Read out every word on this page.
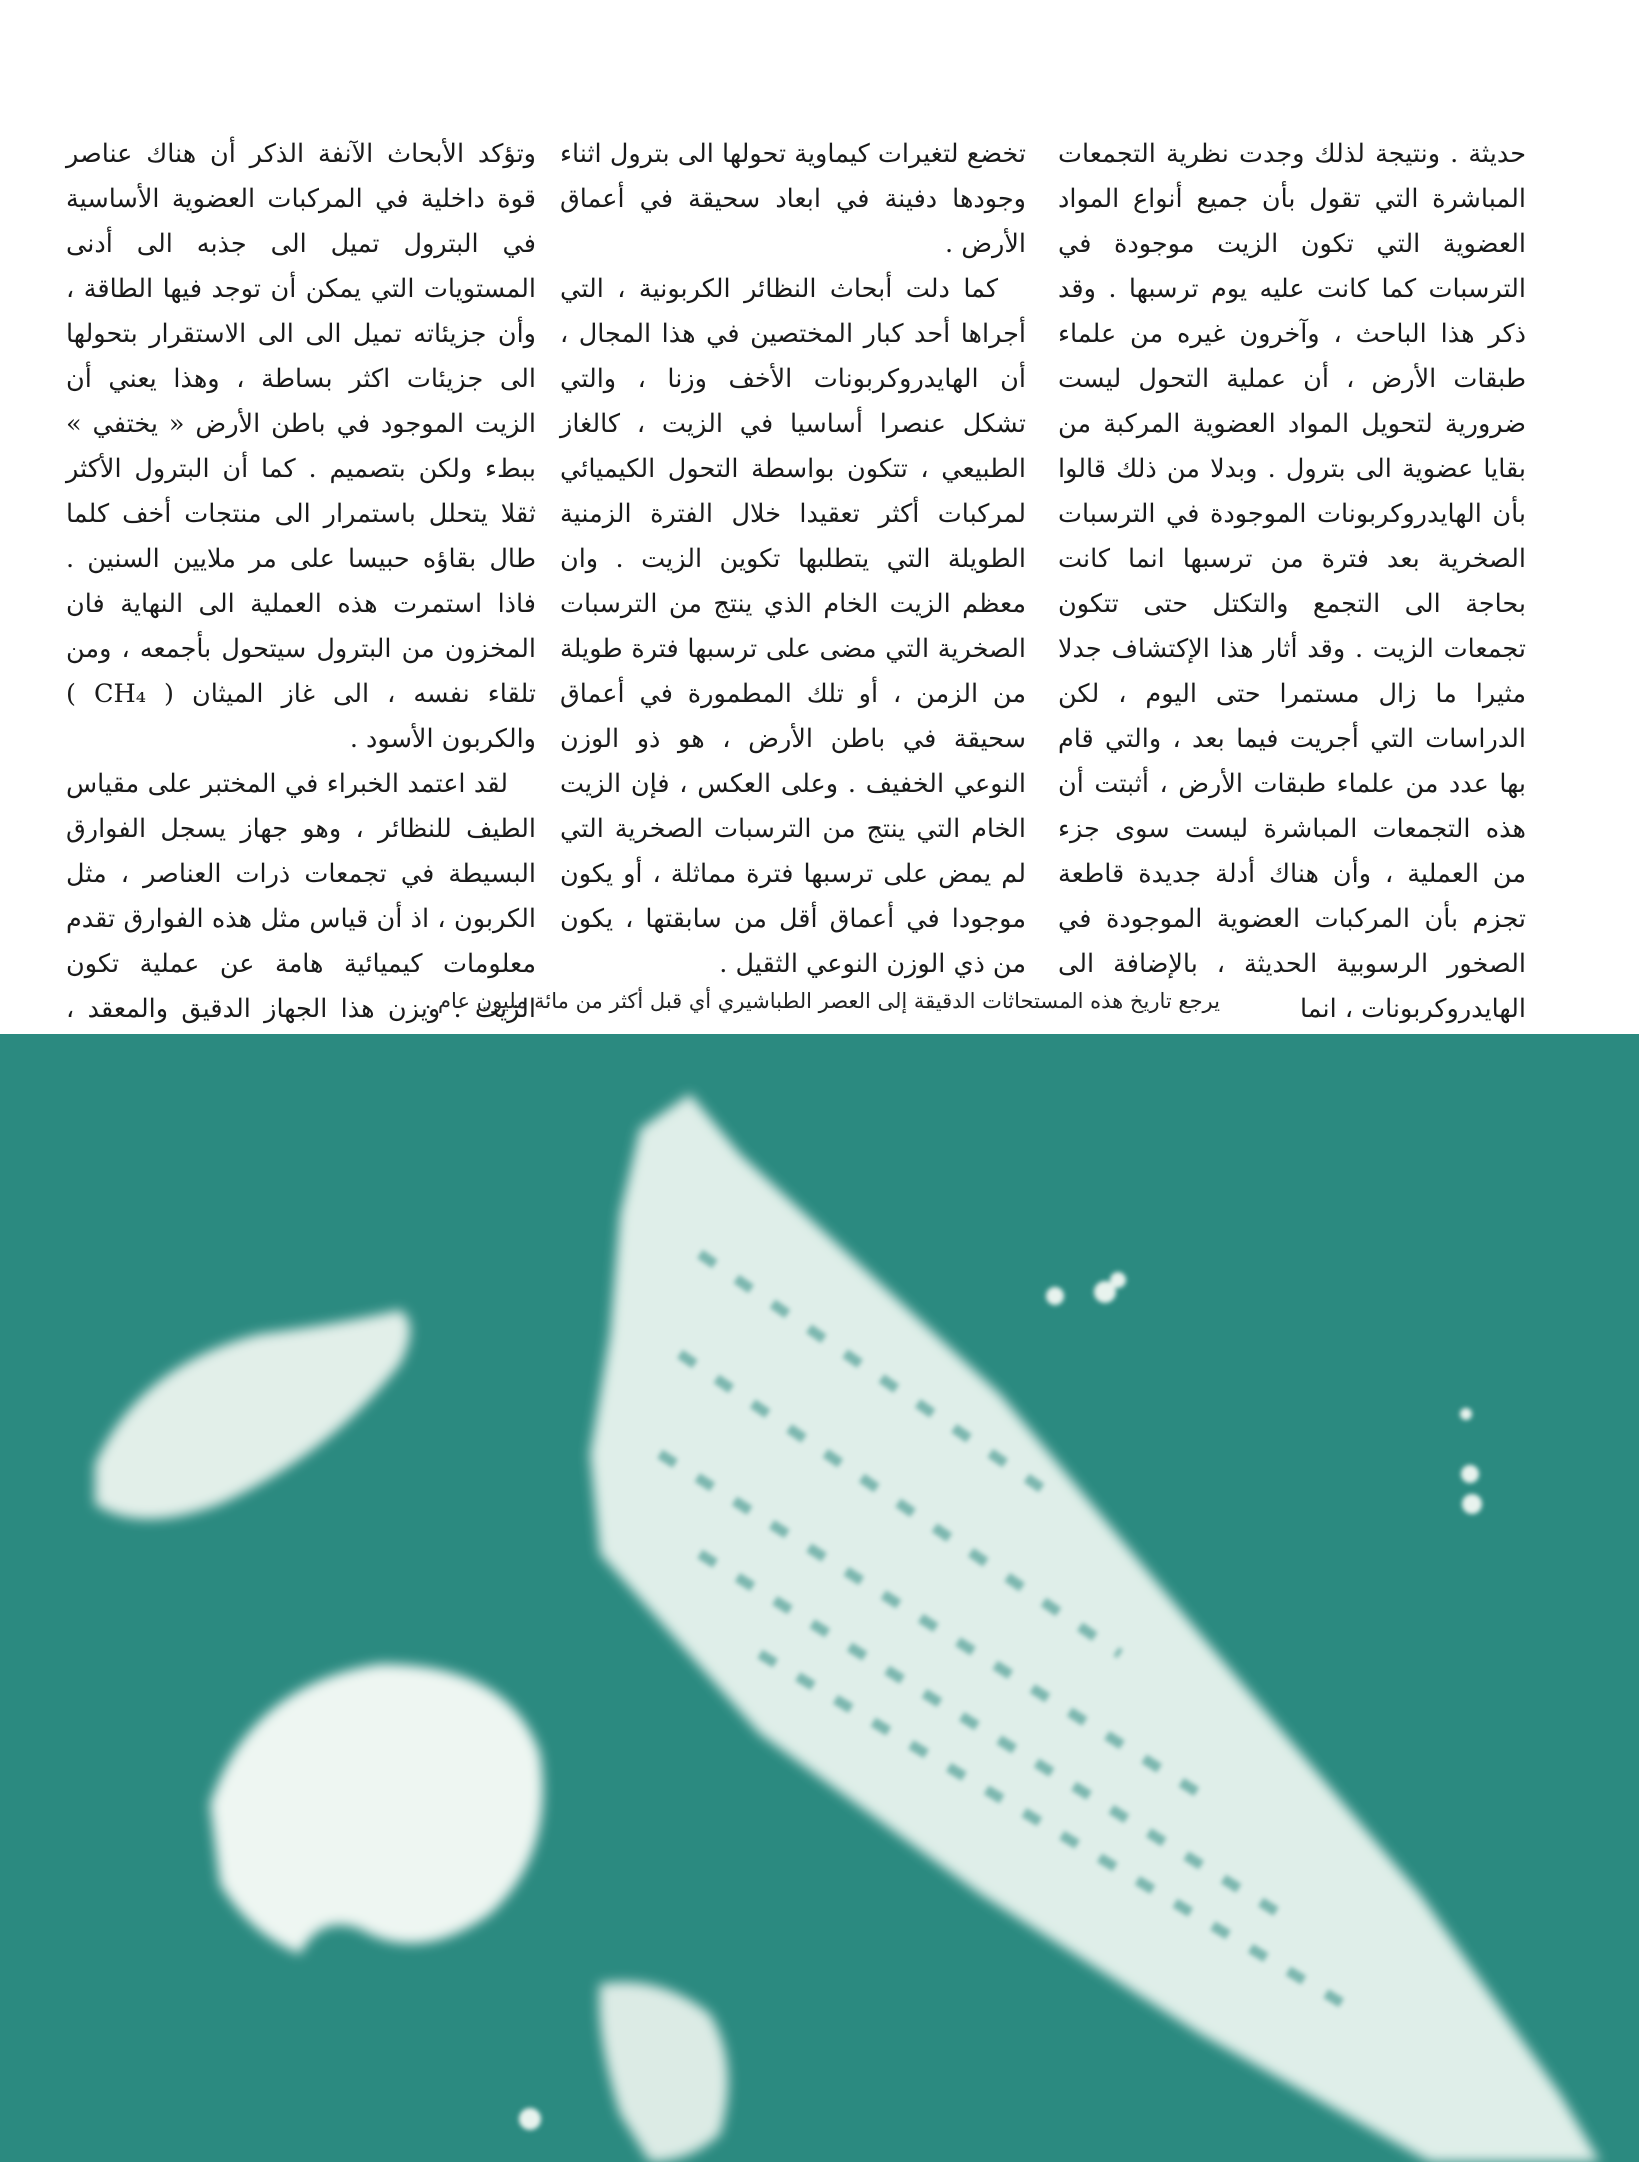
حديثة . ونتيجة لذلك وجدت نظرية التجمعات المباشرة التي تقول بأن جميع أنواع المواد العضوية التي تكون الزيت موجودة في الترسبات كما كانت عليه يوم ترسبها . وقد ذكر هذا الباحث ، وآخرون غيره من علماء طبقات الأرض ، أن عملية التحول ليست ضرورية لتحويل المواد العضوية المركبة من بقايا عضوية الى بترول . وبدلا من ذلك قالوا بأن الهايدروكربونات الموجودة في الترسبات الصخرية بعد فترة من ترسبها انما كانت بحاجة الى التجمع والتكتل حتى تتكون تجمعات الزيت . وقد أثار هذا الإكتشاف جدلا مثيرا ما زال مستمرا حتى اليوم ، لكن الدراسات التي أجريت فيما بعد ، والتي قام بها عدد من علماء طبقات الأرض ، أثبتت أن هذه التجمعات المباشرة ليست سوى جزء من العملية ، وأن هناك أدلة جديدة قاطعة تجزم بأن المركبات العضوية الموجودة في الصخور الرسوبية الحديثة ، بالإضافة الى الهايدروكربونات ، انما

تخضع لتغيرات كيماوية تحولها الى بترول اثناء وجودها دفينة في ابعاد سحيقة في أعماق الأرض .

كما دلت أبحاث النظائر الكربونية ، التي أجراها أحد كبار المختصين في هذا المجال ، أن الهايدروكربونات الأخف وزنا ، والتي تشكل عنصرا أساسيا في الزيت ، كالغاز الطبيعي ، تتكون بواسطة التحول الكيميائي لمركبات أكثر تعقيدا خلال الفترة الزمنية الطويلة التي يتطلبها تكوين الزيت . وان معظم الزيت الخام الذي ينتج من الترسبات الصخرية التي مضى على ترسبها فترة طويلة من الزمن ، أو تلك المطمورة في أعماق سحيقة في باطن الأرض ، هو ذو الوزن النوعي الخفيف . وعلى العكس ، فإن الزيت الخام التي ينتج من الترسبات الصخرية التي لم يمض على ترسبها فترة مماثلة ، أو يكون موجودا في أعماق أقل من سابقتها ، يكون من ذي الوزن النوعي الثقيل .

وتؤكد الأبحاث الآنفة الذكر أن هناك عناصر قوة داخلية في المركبات العضوية الأساسية في البترول تميل الى جذبه الى أدنى المستويات التي يمكن أن توجد فيها الطاقة ، وأن جزيئاته تميل الى الى الاستقرار بتحولها الى جزيئات اكثر بساطة ، وهذا يعني أن الزيت الموجود في باطن الأرض « يختفي » ببطء ولكن بتصميم . كما أن البترول الأكثر ثقلا يتحلل باستمرار الى منتجات أخف كلما طال بقاؤه حبيسا على مر ملايين السنين . فاذا استمرت هذه العملية الى النهاية فان المخزون من البترول سيتحول بأجمعه ، ومن تلقاء نفسه ، الى غاز الميثان ( CH₄ ) والكربون الأسود .

لقد اعتمد الخبراء في المختبر على مقياس الطيف للنظائر ، وهو جهاز يسجل الفوارق البسيطة في تجمعات ذرات العناصر ، مثل الكربون ، اذ أن قياس مثل هذه الفوارق تقدم معلومات كيميائية هامة عن عملية تكون الزيت . ويزن هذا الجهاز الدقيق والمعقد ،	يرجع تاريخ هذه المستحاثات الدقيقة إلى العصر الطباشيري أي قبل أكثر من مائة مليون عام .
